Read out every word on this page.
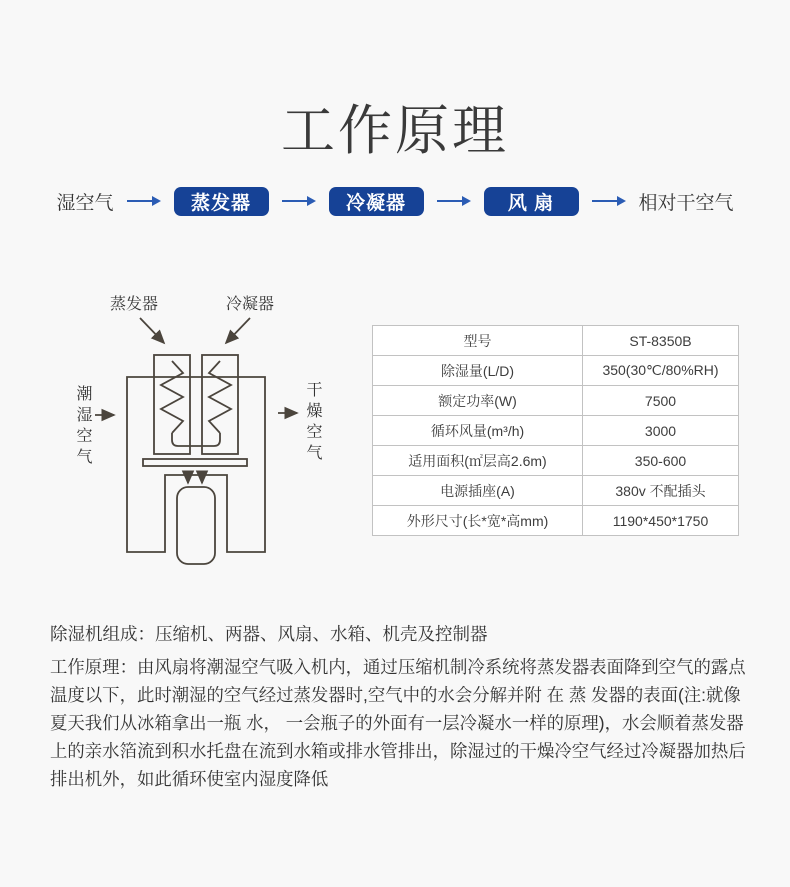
工作原理
湿空气	蒸发器	冷凝器	风 扇	相对干空气
蒸发器	冷凝器
潮湿空气	干燥空气
型号	ST-8350B
除湿量(L/D)	350(30℃/80%RH)
额定功率(W)	7500
循环风量(m³/h)	3000
适用面积(㎡层高2.6m)	350-600
电源插座(A)	380v 不配插头
外形尺寸(长*宽*高mm)	1190*450*1750
除湿机组成：压缩机、两器、风扇、水箱、机壳及控制器
工作原理：由风扇将潮湿空气吸入机内，通过压缩机制冷系统将蒸发器表面降到空气的露点温度以下，此时潮湿的空气经过蒸发器时,空气中的水会分解并附 在 蒸 发器的表面(注:就像夏天我们从冰箱拿出一瓶 水， 一会瓶子的外面有一层冷凝水一样的原理)，水会顺着蒸发器上的亲水箔流到积水托盘在流到水箱或排水管排出，除湿过的干燥冷空气经过冷凝器加热后排出机外，如此循环使室内湿度降低
